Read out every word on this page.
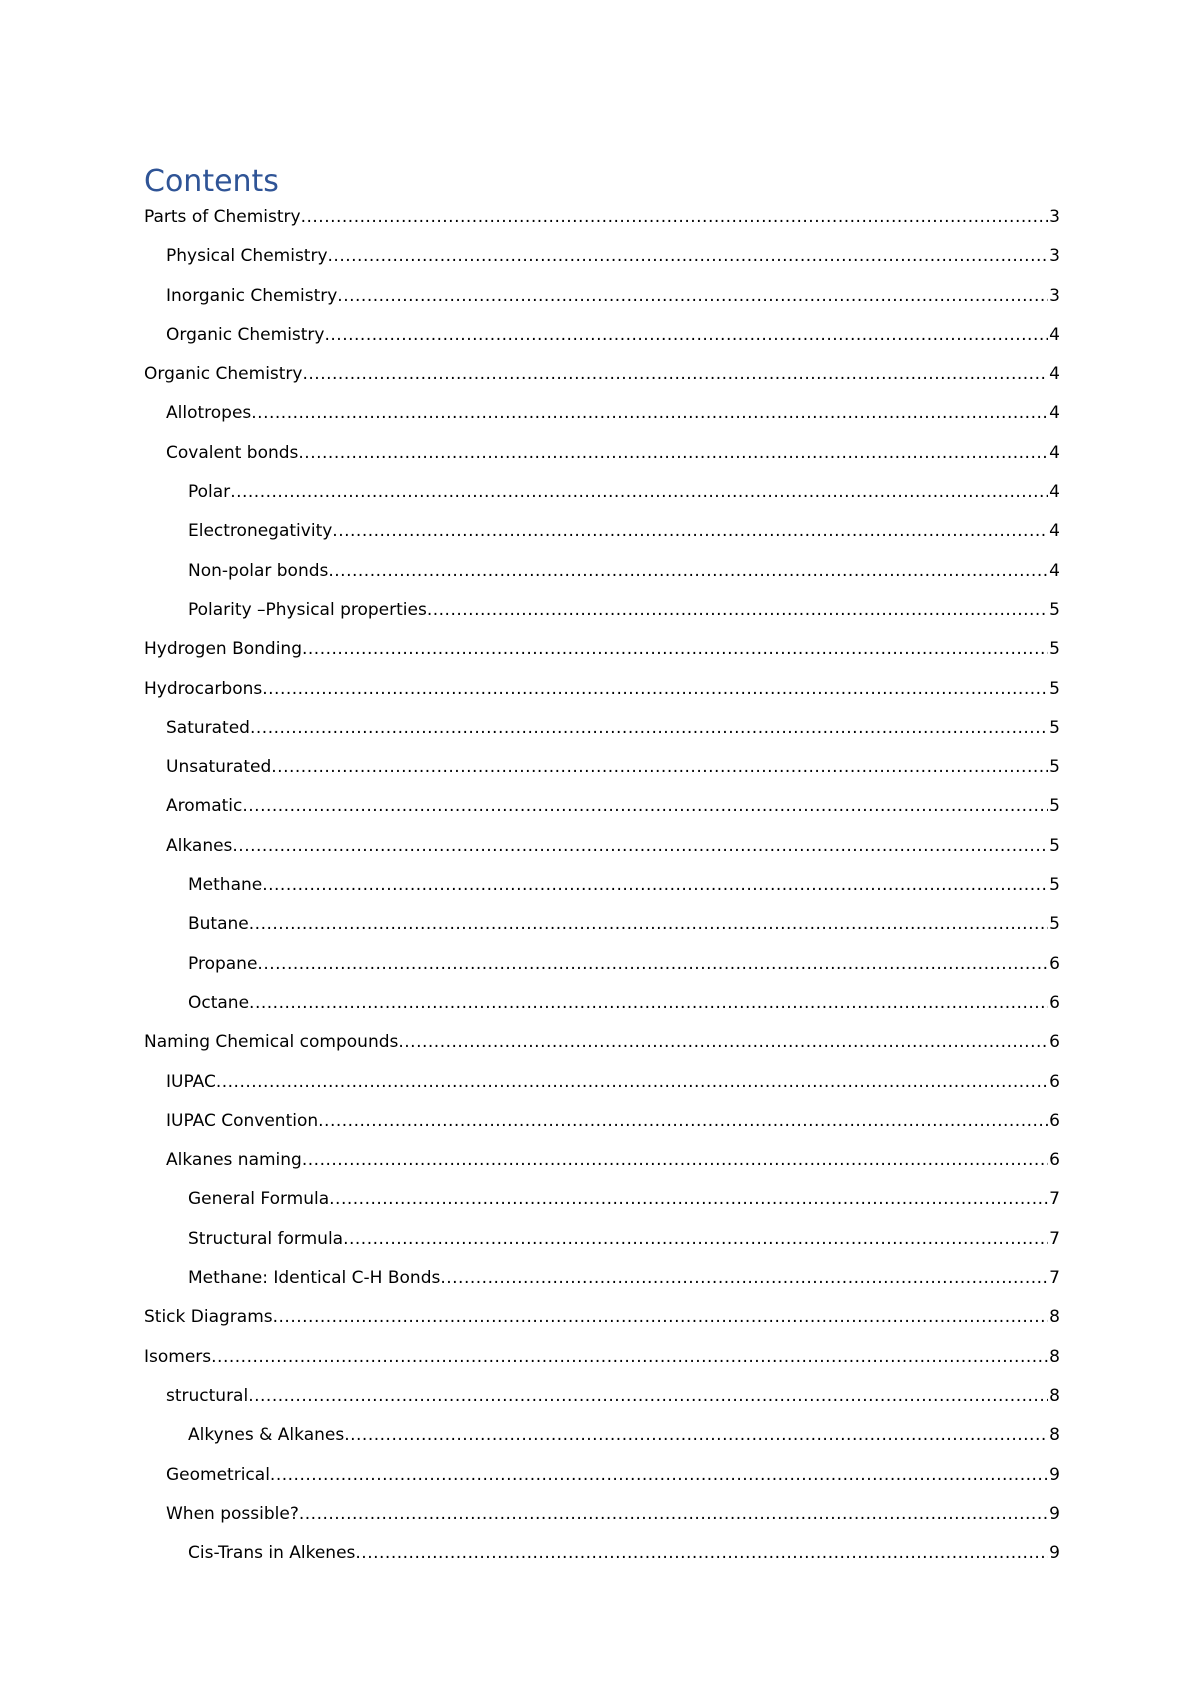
Contents
Parts of Chemistry .....	3
Physical Chemistry .....	3
Inorganic Chemistry .....	3
Organic Chemistry .....	4
Organic Chemistry .....	4
Allotropes .....	4
Covalent bonds .....	4
Polar .....	4
Electronegativity .....	4
Non-polar bonds .....	4
Polarity –Physical properties .....	5
Hydrogen Bonding .....	5
Hydrocarbons .....	5
Saturated .....	5
Unsaturated .....	5
Aromatic .....	5
Alkanes .....	5
Methane .....	5
Butane .....	5
Propane .....	6
Octane .....	6
Naming Chemical compounds .....	6
IUPAC .....	6
IUPAC Convention .....	6
Alkanes naming .....	6
General Formula .....	7
Structural formula .....	7
Methane: Identical C-H Bonds .....	7
Stick Diagrams .....	8
Isomers .....	8
structural .....	8
Alkynes & Alkanes .....	8
Geometrical .....	9
When possible? .....	9
Cis-Trans in Alkenes .....	9
